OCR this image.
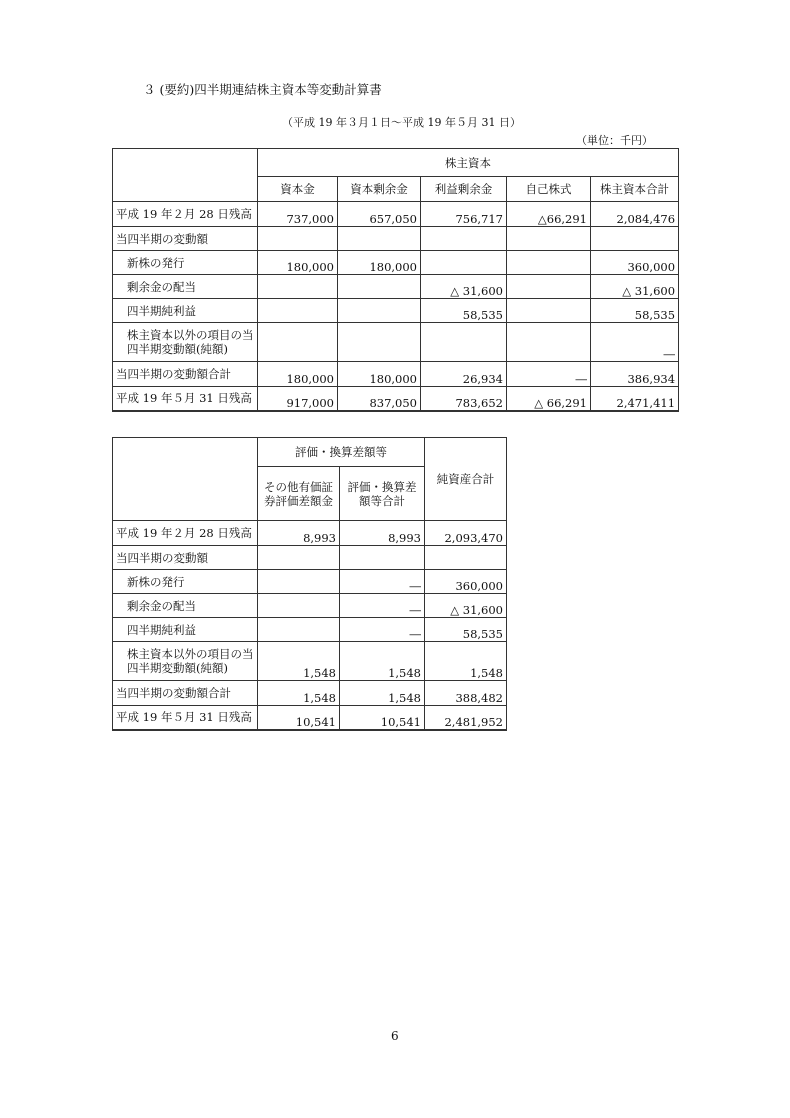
３ (要約)四半期連結株主資本等変動計算書
（平成 19 年３月１日～平成 19 年５月 31 日）
（単位：千円）
	株主資本				
	資本金	資本剰余金	利益剰余金	自己株式	株主資本合計
平成 19 年２月 28 日残高	737,000	657,050	756,717	△66,291	2,084,476
当四半期の変動額					
新株の発行	180,000	180,000			360,000
剰余金の配当			△ 31,600		△ 31,600
四半期純利益			58,535		58,535
株主資本以外の項目の当四半期変動額(純額)					―
当四半期の変動額合計	180,000	180,000	26,934	―	386,934
平成 19 年５月 31 日残高	917,000	837,050	783,652	△ 66,291	2,471,411
	評価・換算差額等		純資産合計
	その他有価証券評価差額金	評価・換算差額等合計	
平成 19 年２月 28 日残高	8,993	8,993	2,093,470
当四半期の変動額			
新株の発行		―	360,000
剰余金の配当		―	△ 31,600
四半期純利益		―	58,535
株主資本以外の項目の当四半期変動額(純額)	1,548	1,548	1,548
当四半期の変動額合計	1,548	1,548	388,482
平成 19 年５月 31 日残高	10,541	10,541	2,481,952
6
